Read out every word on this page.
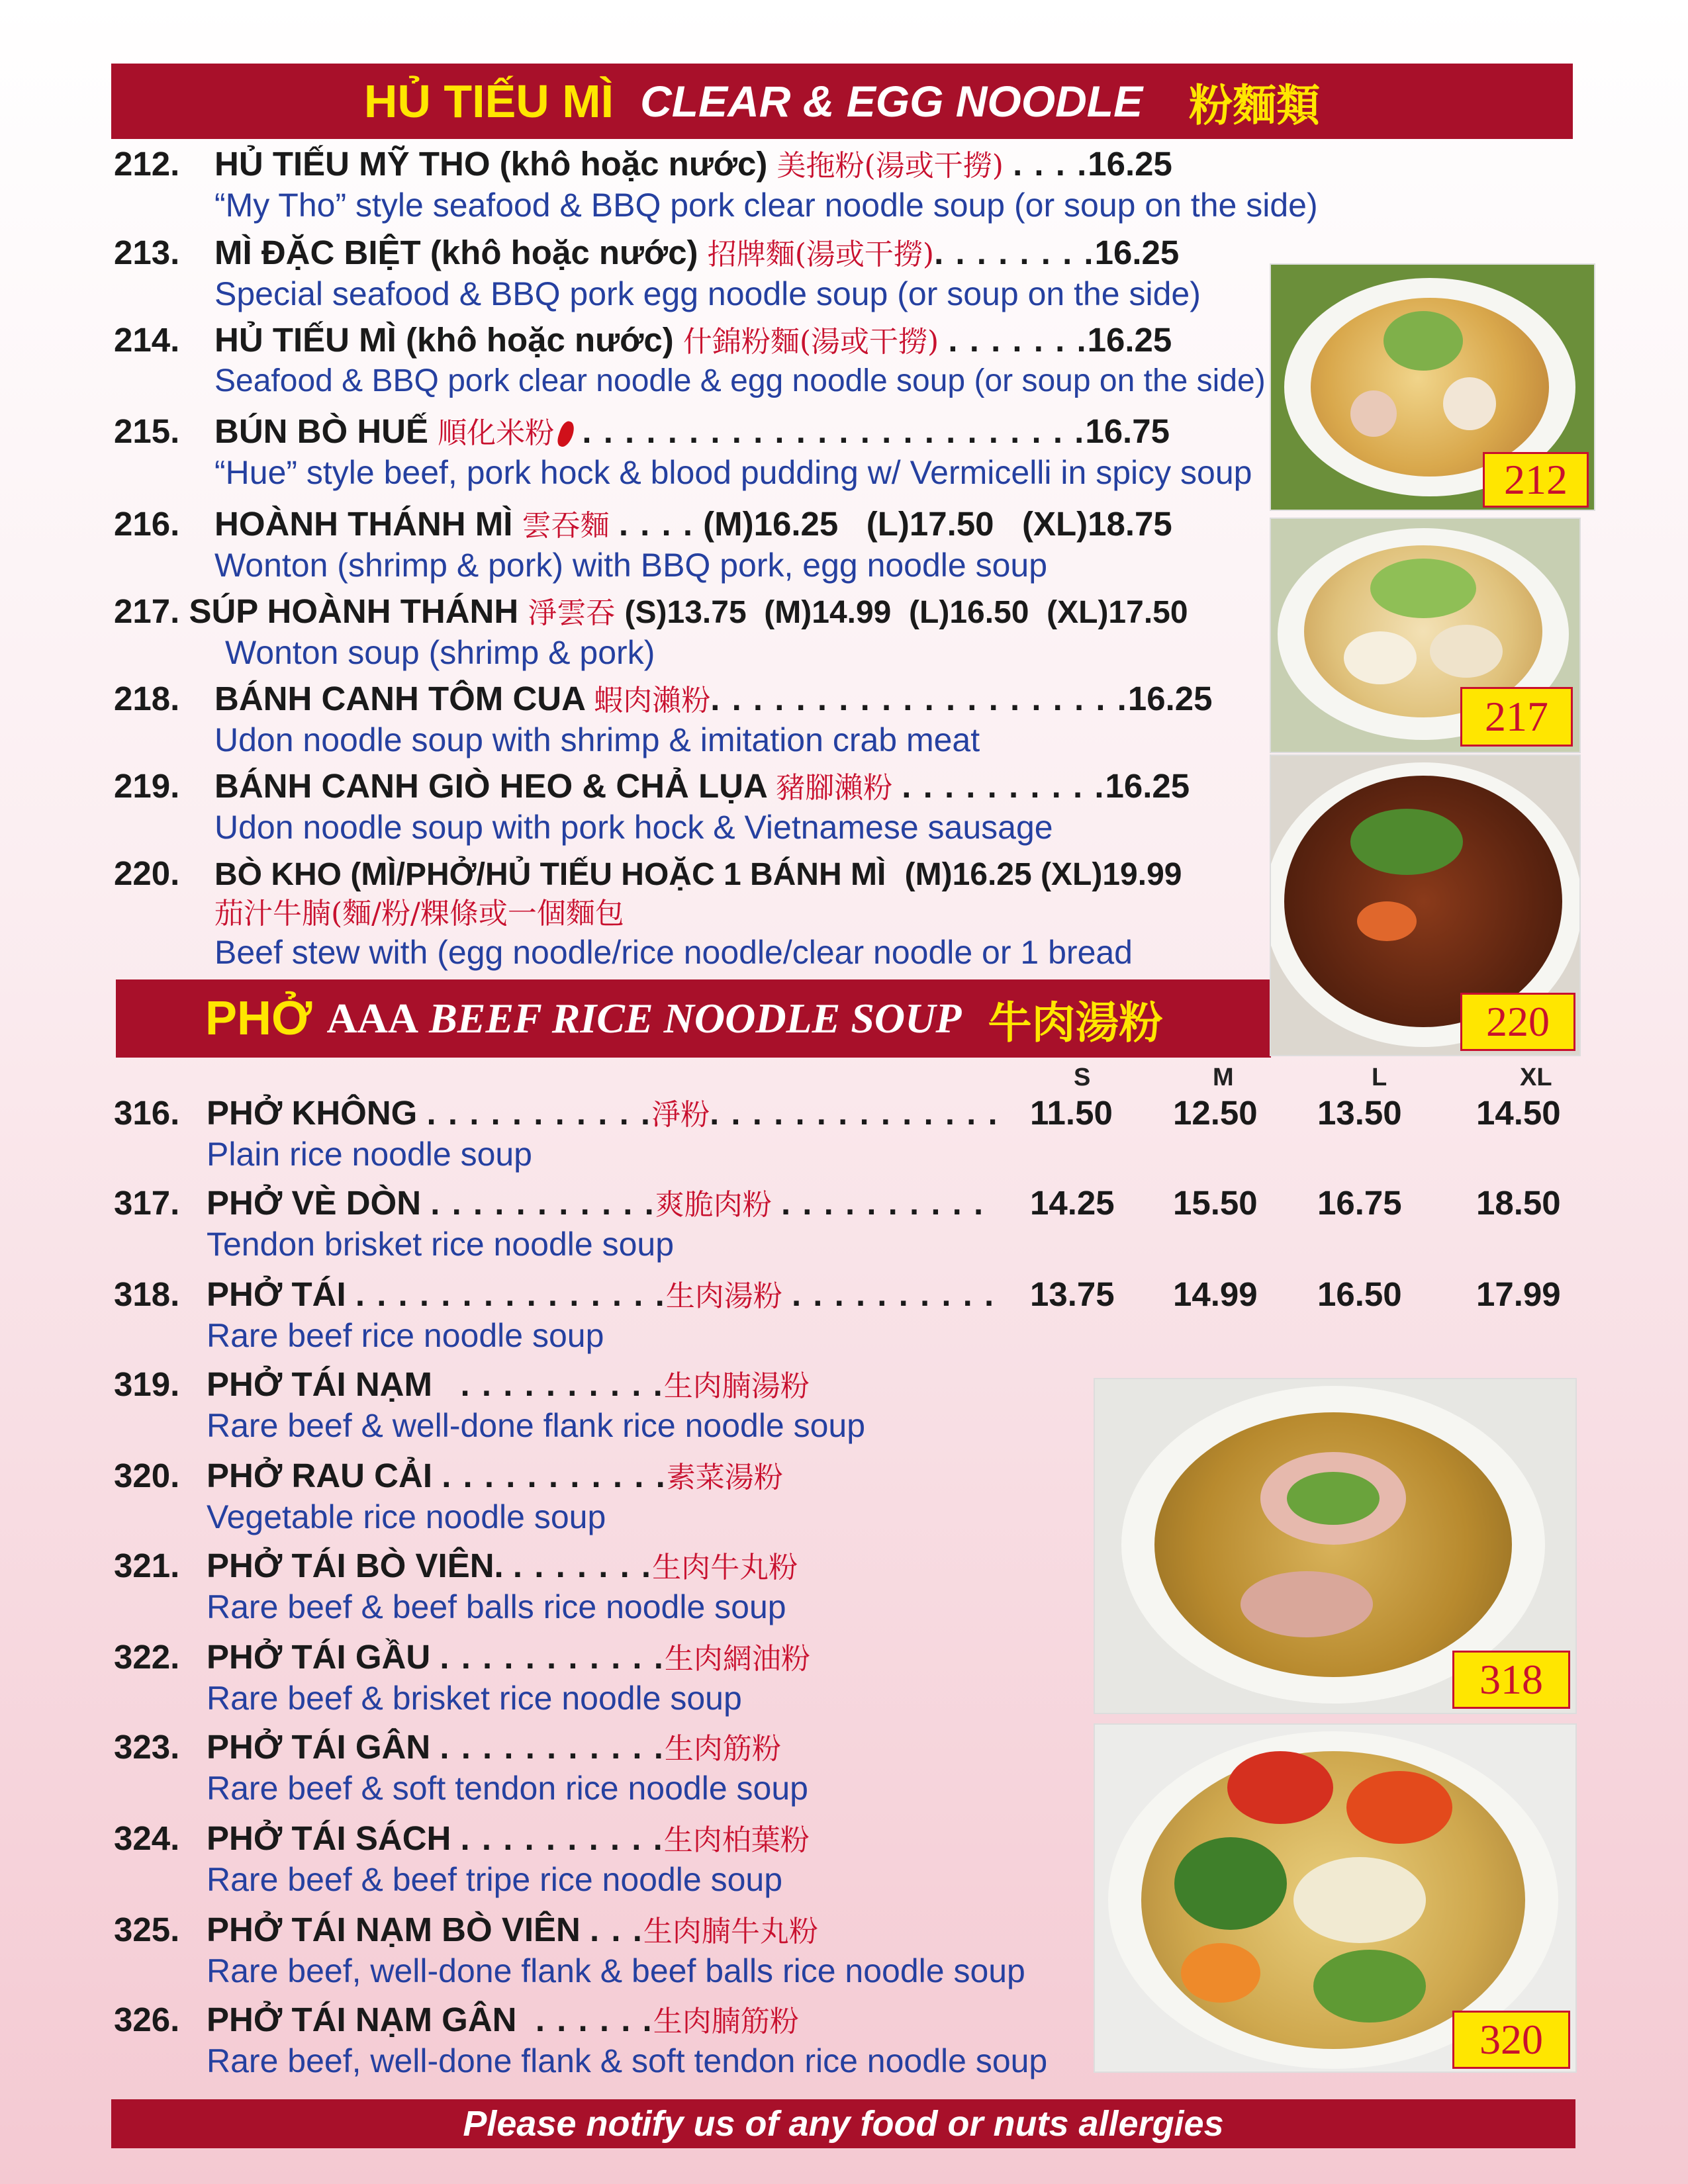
HỦ TIẾU MÌ CLEAR & EGG NOODLE 粉麵類
212. HỦ TIẾU MỸ THO (khô hoặc nước) 美拖粉(湯或干撈) . . . .16.25
“My Tho” style seafood & BBQ pork clear noodle soup (or soup on the side)
213. MÌ ĐẶC BIỆT (khô hoặc nước) 招牌麵(湯或干撈). . . . . . . .16.25
Special seafood & BBQ pork egg noodle soup (or soup on the side)
214. HỦ TIẾU MÌ (khô hoặc nước) 什錦粉麵(湯或干撈) . . . . . . .16.25
Seafood & BBQ pork clear noodle & egg noodle soup (or soup on the side)
215. BÚN BÒ HUẾ 順化米粉 . . . . . . . . . . . . . . . . . . . . . . . .16.75
“Hue” style beef, pork hock & blood pudding w/ Vermicelli in spicy soup
216. HOÀNH THÁNH MÌ 雲吞麵 . . . . (M)16.25   (L)17.50   (XL)18.75
Wonton (shrimp & pork) with BBQ pork, egg noodle soup
217. SÚP HOÀNH THÁNH 淨雲吞 (S)13.75  (M)14.99  (L)16.50  (XL)17.50
Wonton soup (shrimp & pork)
218. BÁNH CANH TÔM CUA 蝦肉瀨粉. . . . . . . . . . . . . . . . . . . .16.25
Udon noodle soup with shrimp & imitation crab meat
219. BÁNH CANH GIÒ HEO & CHẢ LỤA 豬腳瀨粉 . . . . . . . . . .16.25
Udon noodle soup with pork hock & Vietnamese sausage
220. BÒ KHO (MÌ/PHỞ/HỦ TIẾU HOẶC 1 BÁNH MÌ (M)16.25 (XL)19.99
茄汁牛腩(麵/粉/粿條或一個麵包
Beef stew with (egg noodle/rice noodle/clear noodle or 1 bread
PHỞ AAA BEEF RICE NOODLE SOUP 牛肉湯粉
S	M	L	XL
316. PHỞ KHÔNG . . . . . . . . . . .淨粉. . . . . . . . . . . . . .
Plain rice noodle soup
11.50 12.50 13.50 14.50
317. PHỞ VÈ DÒN . . . . . . . . . . .爽脆肉粉 . . . . . . . . . .
Tendon brisket rice noodle soup
14.25 15.50 16.75 18.50
318. PHỞ TÁI . . . . . . . . . . . . . . .生肉湯粉 . . . . . . . . . .
Rare beef rice noodle soup
13.75 14.99 16.50 17.99
319. PHỞ TÁI NẠM . . . . . . . . . .生肉腩湯粉
Rare beef & well-done flank rice noodle soup
320. PHỞ RAU CẢI . . . . . . . . . . .素菜湯粉
Vegetable rice noodle soup
321. PHỞ TÁI BÒ VIÊN. . . . . . . .生肉牛丸粉
Rare beef & beef balls rice noodle soup
322. PHỞ TÁI GẦU . . . . . . . . . . .生肉網油粉
Rare beef & brisket rice noodle soup
323. PHỞ TÁI GÂN . . . . . . . . . . .生肉筋粉
Rare beef & soft tendon rice noodle soup
324. PHỞ TÁI SÁCH . . . . . . . . . .生肉柏葉粉
Rare beef & beef tripe rice noodle soup
325. PHỞ TÁI NẠM BÒ VIÊN . . .生肉腩牛丸粉
Rare beef, well-done flank & beef balls rice noodle soup
326. PHỞ TÁI NẠM GÂN . . . . . .生肉腩筋粉
Rare beef, well-done flank & soft tendon rice noodle soup
212
217
220
318
320
Please notify us of any food or nuts allergies
